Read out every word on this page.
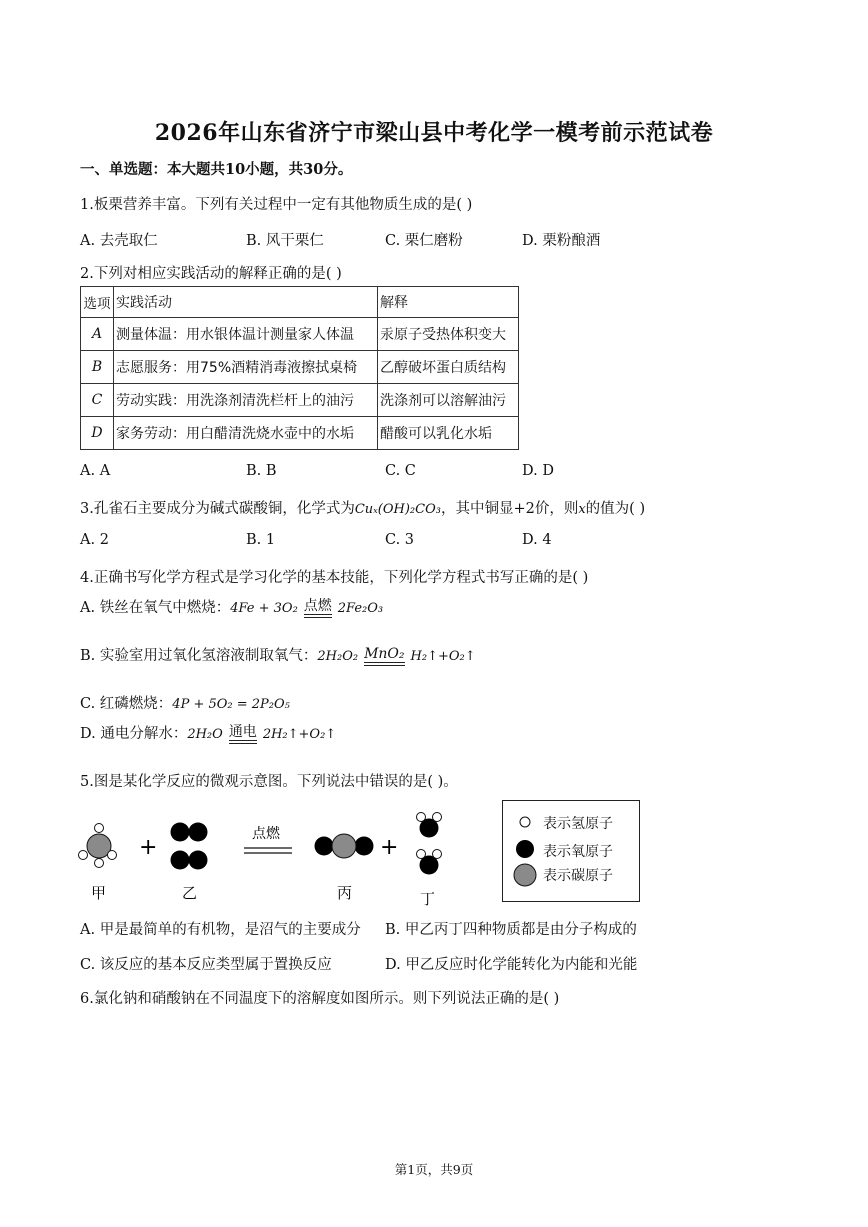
2026年山东省济宁市梁山县中考化学一模考前示范试卷
一、单选题：本大题共10小题，共30分。
1.板栗营养丰富。下列有关过程中一定有其他物质生成的是( )
A. 去壳取仁	B. 风干栗仁	C. 栗仁磨粉	D. 栗粉酿酒
2.下列对相应实践活动的解释正确的是( )
选项	实践活动	解释
A	测量体温：用水银体温计测量家人体温	汞原子受热体积变大
B	志愿服务：用75%酒精消毒液擦拭桌椅	乙醇破坏蛋白质结构
C	劳动实践：用洗涤剂清洗栏杆上的油污	洗涤剂可以溶解油污
D	家务劳动：用白醋清洗烧水壶中的水垢	醋酸可以乳化水垢
A. A	B. B	C. C	D. D
3.孔雀石主要成分为碱式碳酸铜，化学式为Cuₓ(OH)₂CO₃，其中铜显+2价，则x的值为( )
A. 2	B. 1	C. 3	D. 4
4.正确书写化学方程式是学习化学的基本技能，下列化学方程式书写正确的是( )
A. 铁丝在氧气中燃烧：4Fe + 3O₂ 点燃 2Fe₂O₃
B. 实验室用过氧化氢溶液制取氧气：2H₂O₂ MnO₂ H₂↑+O₂↑
C. 红磷燃烧：4P + 5O₂ = 2P₂O₅
D. 通电分解水：2H₂O 通电 2H₂↑+O₂↑
5.图是某化学反应的微观示意图。下列说法中错误的是( )。
+
点燃
+
甲	乙	丙	丁
表示氢原子
表示氧原子
表示碳原子
A. 甲是最简单的有机物，是沼气的主要成分 B. 甲乙丙丁四种物质都是由分子构成的
C. 该反应的基本反应类型属于置换反应	D. 甲乙反应时化学能转化为内能和光能
6.氯化钠和硝酸钠在不同温度下的溶解度如图所示。则下列说法正确的是( )
第1页，共9页
